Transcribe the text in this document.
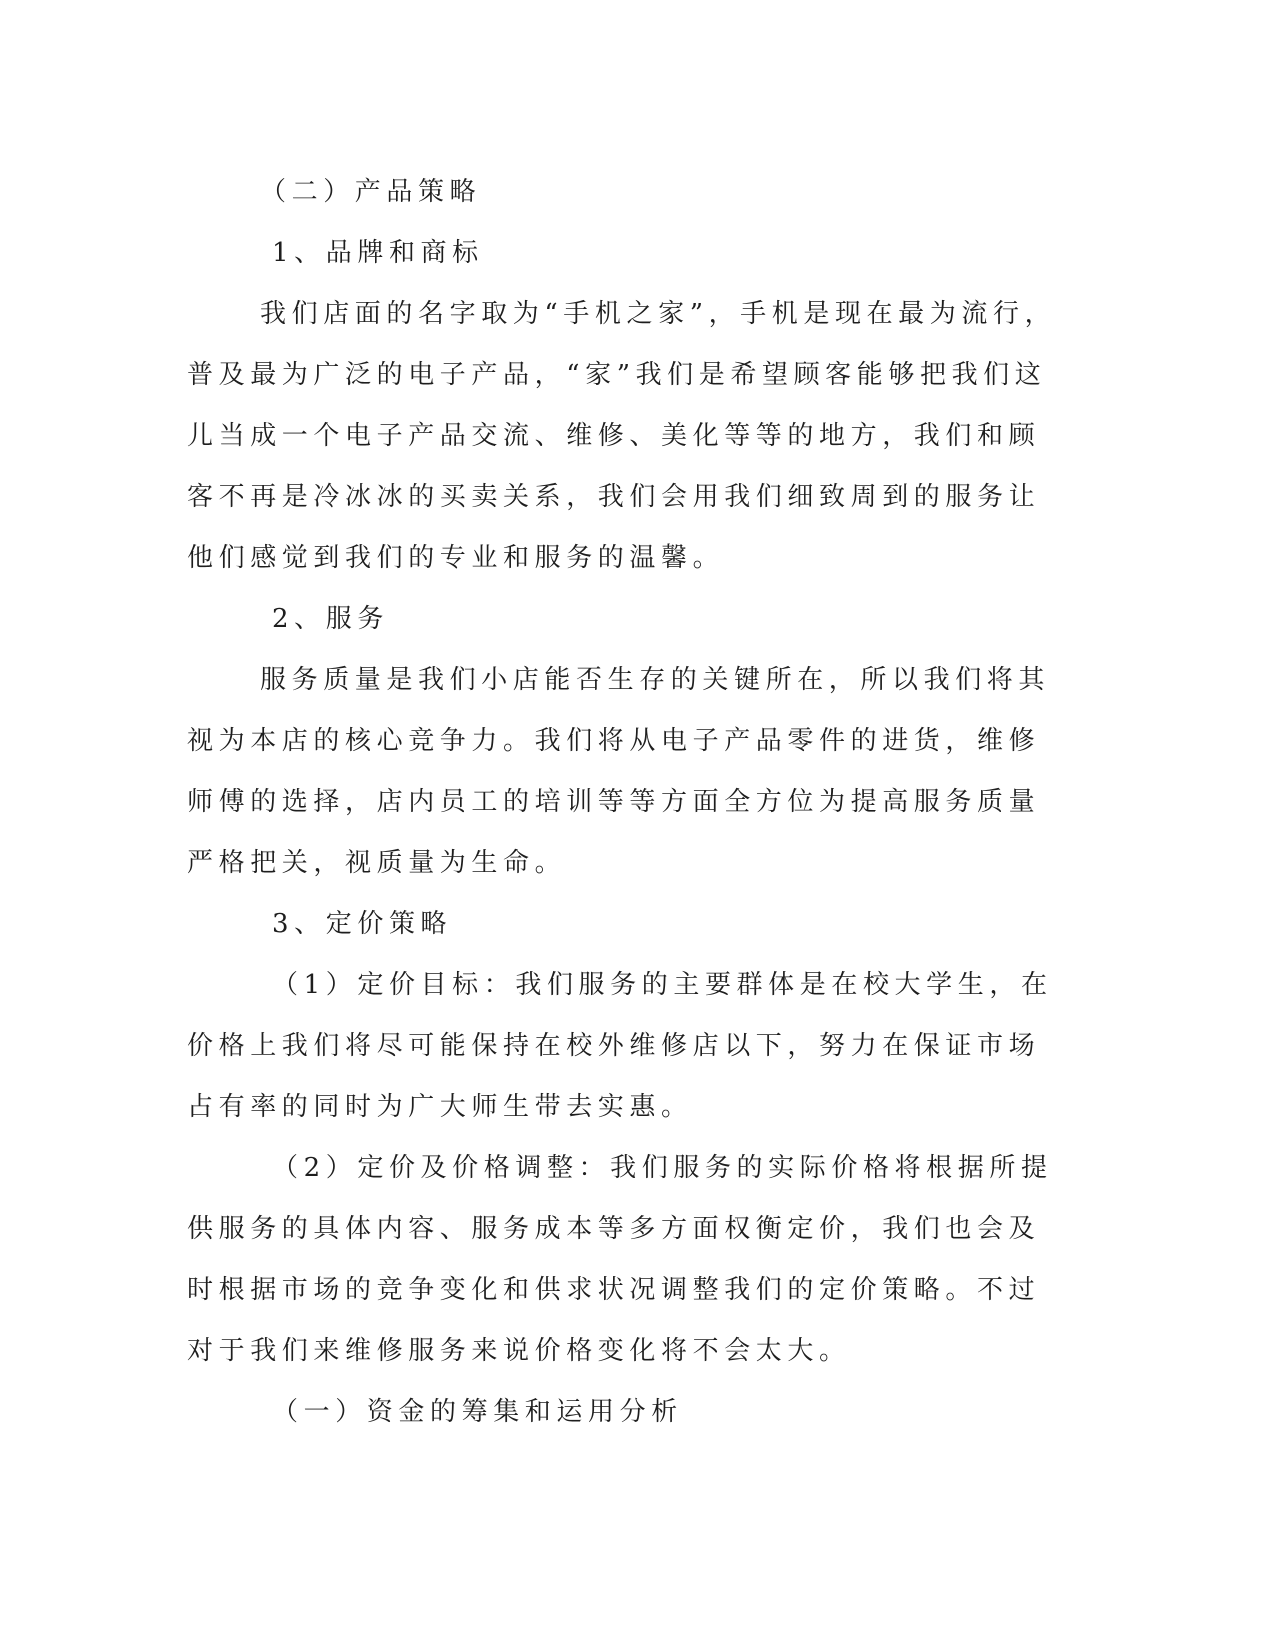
（二）产品策略

1、品牌和商标

我们店面的名字取为“手机之家”，手机是现在最为流行，普及最为广泛的电子产品，“家”我们是希望顾客能够把我们这儿当成一个电子产品交流、维修、美化等等的地方，我们和顾客不再是冷冰冰的买卖关系，我们会用我们细致周到的服务让他们感觉到我们的专业和服务的温馨。

2、服务

服务质量是我们小店能否生存的关键所在，所以我们将其视为本店的核心竞争力。我们将从电子产品零件的进货，维修师傅的选择，店内员工的培训等等方面全方位为提高服务质量严格把关，视质量为生命。

3、定价策略

（1）定价目标：我们服务的主要群体是在校大学生，在价格上我们将尽可能保持在校外维修店以下，努力在保证市场占有率的同时为广大师生带去实惠。

（2）定价及价格调整：我们服务的实际价格将根据所提供服务的具体内容、服务成本等多方面权衡定价，我们也会及时根据市场的竞争变化和供求状况调整我们的定价策略。不过对于我们来维修服务来说价格变化将不会太大。

（一）资金的筹集和运用分析
